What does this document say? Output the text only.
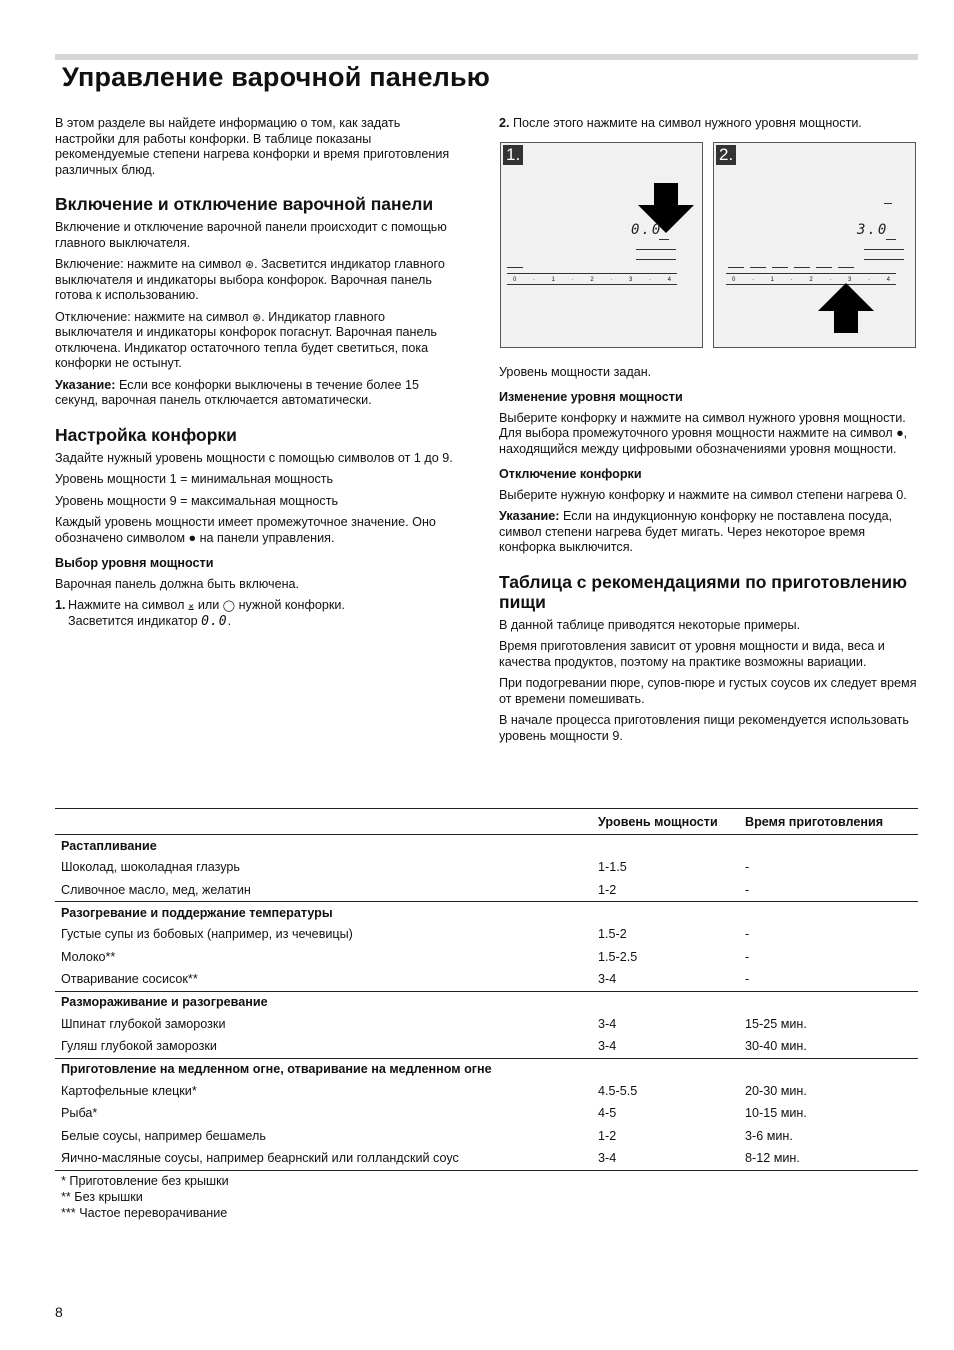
Управление варочной панелью

В этом разделе вы найдете информацию о том, как задать настройки для работы конфорки. В таблице показаны рекомендуемые степени нагрева конфорки и время приготовления различных блюд.

Включение и отключение варочной панели

Включение и отключение варочной панели происходит с помощью главного выключателя.

Включение: нажмите на символ ⊛. Засветится индикатор главного выключателя и индикаторы выбора конфорок. Варочная панель готова к использованию.

Отключение: нажмите на символ ⊛. Индикатор главного выключателя и индикаторы конфорок погаснут. Варочная панель отключена. Индикатор остаточного тепла будет светиться, пока конфорки не остынут.

Указание: Если все конфорки выключены в течение более 15 секунд, варочная панель отключается автоматически.

Настройка конфорки

Задайте нужный уровень мощности с помощью символов от 1 до 9.

Уровень мощности 1 = минимальная мощность

Уровень мощности 9 = максимальная мощность

Каждый уровень мощности имеет промежуточное значение. Оно обозначено символом ● на панели управления.

Выбор уровня мощности

Варочная панель должна быть включена.

1. Нажмите на символ ⨱ или ◯ нужной конфорки.
Засветится индикатор 0.0.
2. После этого нажмите на символ нужного уровня мощности.
1.
0.0
0	·	1	·	2	·	3	·	4
2.
3.0
0	·	1	·	2	·	3	·	4

Уровень мощности задан.

Изменение уровня мощности

Выберите конфорку и нажмите на символ нужного уровня мощности. Для выбора промежуточного уровня мощности нажмите на символ ●, находящийся между цифровыми обозначениями уровня мощности.

Отключение конфорки

Выберите нужную конфорку и нажмите на символ степени нагрева 0.

Указание: Если на индукционную конфорку не поставлена посуда, символ степени нагрева будет мигать. Через некоторое время конфорка выключится.

Таблица с рекомендациями по приготовлению пищи

В данной таблице приводятся некоторые примеры.

Время приготовления зависит от уровня мощности и вида, веса и качества продуктов, поэтому на практике возможны вариации.

При подогревании пюре, супов-пюре и густых соусов их следует время от времени помешивать.

В начале процесса приготовления пищи рекомендуется использовать уровень мощности 9.

	Уровень мощности	Время приготовления
Растапливание		
Шоколад, шоколадная глазурь	1-1.5	-
Сливочное масло, мед, желатин	1-2	-
Разогревание и поддержание температуры		
Густые супы из бобовых (например, из чечевицы)	1.5-2	-
Молоко**	1.5-2.5	-
Отваривание сосисок**	3-4	-
Размораживание и разогревание		
Шпинат глубокой заморозки	3-4	15-25 мин.
Гуляш глубокой заморозки	3-4	30-40 мин.
Приготовление на медленном огне, отваривание на медленном огне		
Картофельные клецки*	4.5-5.5	20-30 мин.
Рыба*	4-5	10-15 мин.
Белые соусы, например бешамель	1-2	3-6 мин.
Яично-масляные соусы, например беарнский или голландский соус	3-4	8-12 мин.
* Приготовление без крышки
** Без крышки
*** Частое переворачивание
8
